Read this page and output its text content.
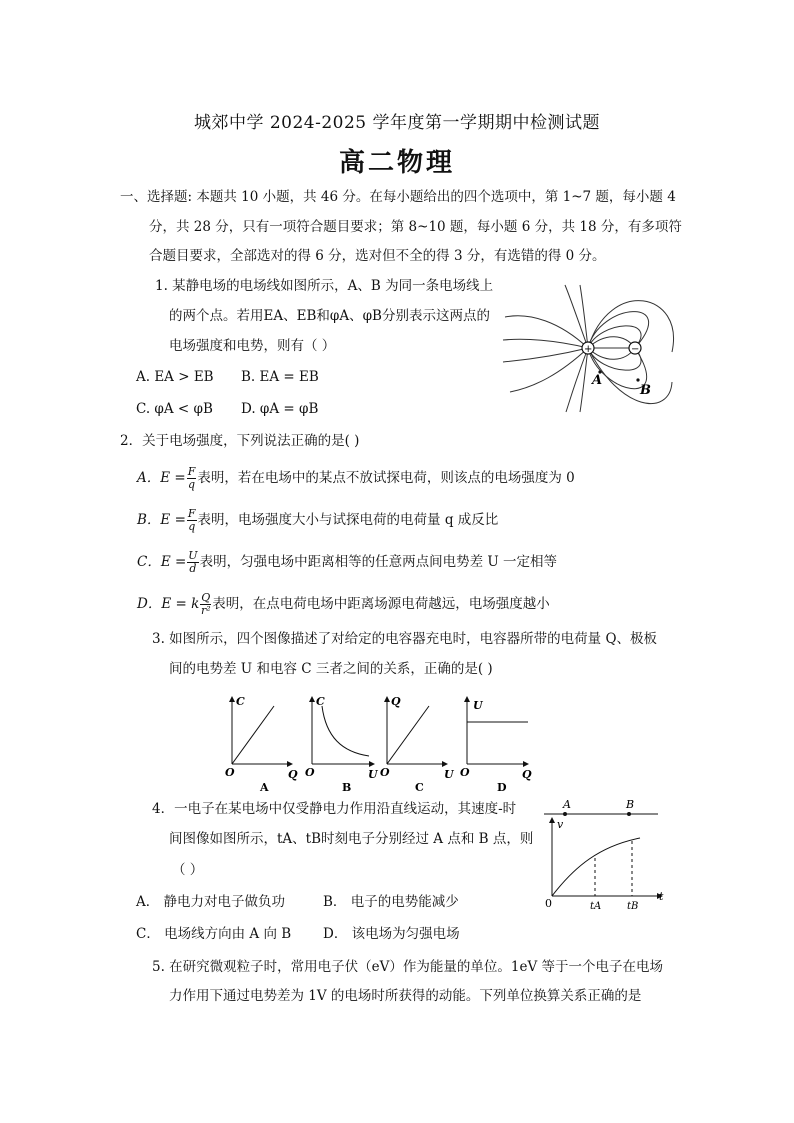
城郊中学 2024-2025 学年度第一学期期中检测试题
高二物理
一、选择题: 本题共 10 小题，共 46 分。在每小题给出的四个选项中，第 1~7 题，每小题 4
分，共 28 分，只有一项符合题目要求；第 8~10 题，每小题 6 分，共 18 分，有多项符
合题目要求，全部选对的得 6 分，选对但不全的得 3 分，有选错的得 0 分。
1. 某静电场的电场线如图所示，A、B 为同一条电场线上
的两个点。若用EA、EB和φA、φB分别表示这两点的
电场强度和电势，则有（ ）
A. EA > EB B. EA = EB
C. φA < φB D. φA = φB
+	−
A
B
2．关于电场强度，下列说法正确的是( )
A．$E = \frac{F}{q}$ 表明，若在电场中的某点不放试探电荷，则该点的电场强度为 0
B．$E = \frac{F}{q}$ 表明，电场强度大小与试探电荷的电荷量 q 成反比
C．$E = \frac{U}{d}$ 表明，匀强电场中距离相等的任意两点间电势差 U 一定相等
D．E = k $\frac{Q}{\text{r²}}$ 表明，在点电荷电场中距离场源电荷越远，电场强度越小
3. 如图所示，四个图像描述了对给定的电容器充电时，电容器所带的电荷量 Q、极板
间的电势差 U 和电容 C 三者之间的关系，正确的是( )
C
Q
O
C
U
O
Q
U
O
U
Q
O
A	B	C	D
4．一电子在某电场中仅受静电力作用沿直线运动，其速度-时
间图像如图所示，tA、tB时刻电子分别经过 A 点和 B 点，则
（ ）
A． 静电力对电子做负功	B． 电子的电势能减少
C． 电场线方向由 A 向 B D． 该电场为匀强电场
A	B
v
t
tA	tB
0
5. 在研究微观粒子时，常用电子伏（eV）作为能量的单位。1eV 等于一个电子在电场
力作用下通过电势差为 1V 的电场时所获得的动能。下列单位换算关系正确的是
